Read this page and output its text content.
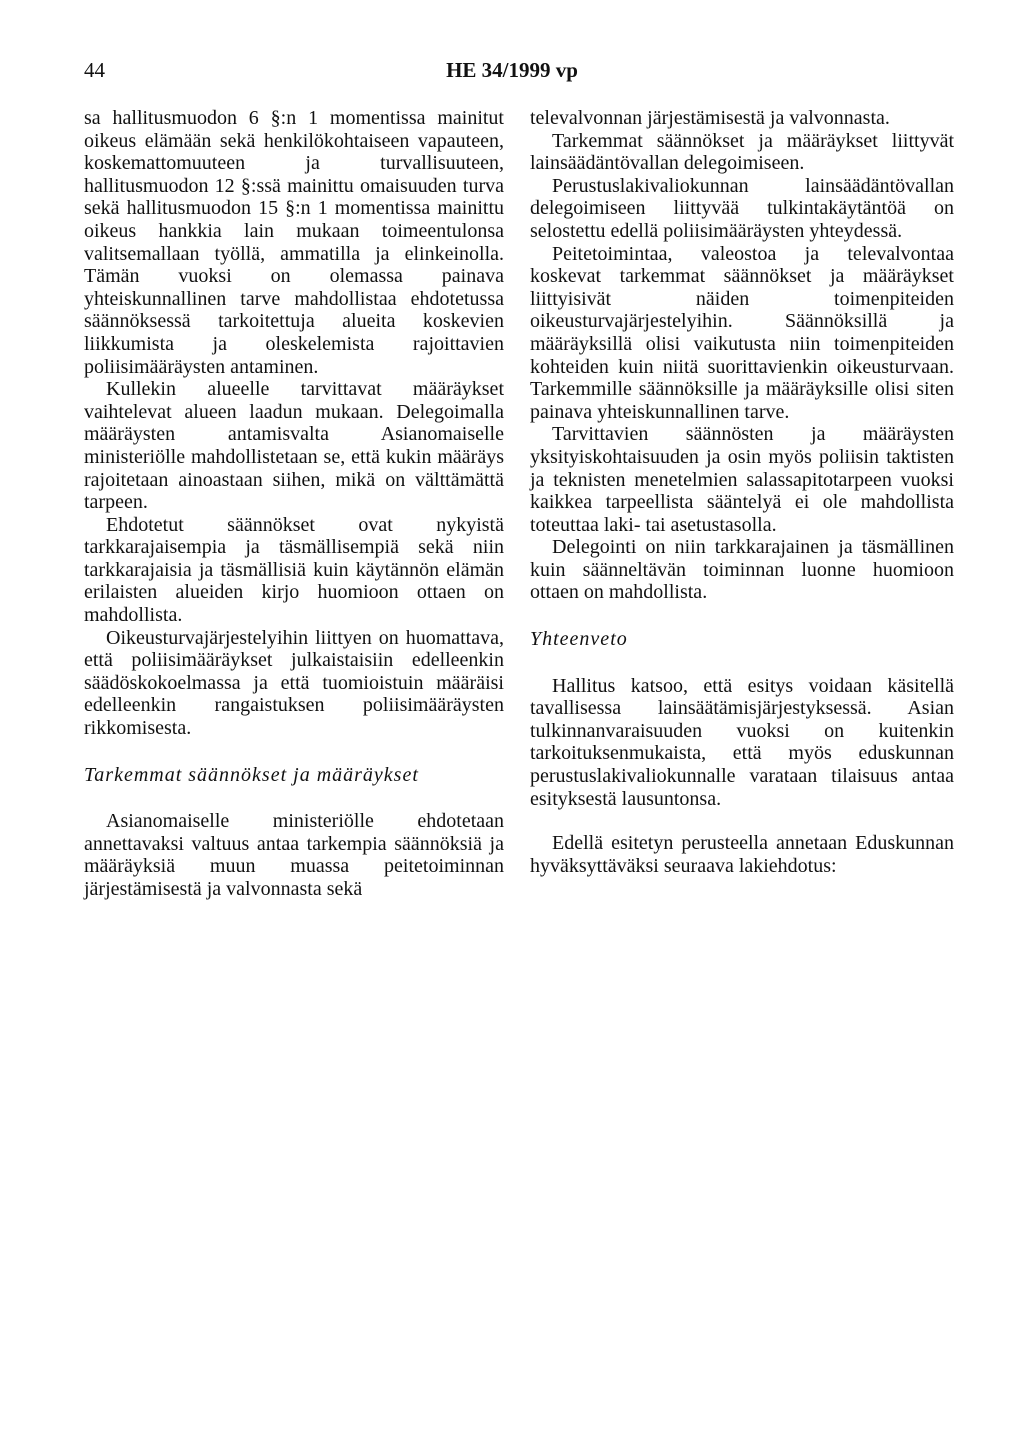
44	HE 34/1999 vp

sa hallitusmuodon 6 §:n 1 momentissa mainitut oikeus elämään sekä henkilökohtaiseen vapauteen, koskemattomuuteen ja turvallisuuteen, hallitusmuodon 12 §:ssä mainittu omaisuuden turva sekä hallitusmuodon 15 §:n 1 momentissa mainittu oikeus hankkia lain mukaan toimeentulonsa valitsemallaan työllä, ammatilla ja elinkeinolla. Tämän vuoksi on olemassa painava yhteiskunnallinen tarve mahdollistaa ehdotetussa säännöksessä tarkoitettuja alueita koskevien liikkumista ja oleskelemista rajoittavien poliisimääräysten antaminen.

Kullekin alueelle tarvittavat määräykset vaihtelevat alueen laadun mukaan. Delegoimalla määräysten antamisvalta Asianomaiselle ministeriölle mahdollistetaan se, että kukin määräys rajoitetaan ainoastaan siihen, mikä on välttämättä tarpeen.

Ehdotetut säännökset ovat nykyistä tarkkarajaisempia ja täsmällisempiä sekä niin tarkkarajaisia ja täsmällisiä kuin käytännön elämän erilaisten alueiden kirjo huomioon ottaen on mahdollista.

Oikeusturvajärjestelyihin liittyen on huomattava, että poliisimääräykset julkaistaisiin edelleenkin säädöskokoelmassa ja että tuomioistuin määräisi edelleenkin rangaistuksen poliisimääräysten rikkomisesta.

Tarkemmat säännökset ja määräykset

Asianomaiselle ministeriölle ehdotetaan annettavaksi valtuus antaa tarkempia säännöksiä ja määräyksiä muun muassa peitetoiminnan järjestämisestä ja valvonnasta sekä

televalvonnan järjestämisestä ja valvonnasta.

Tarkemmat säännökset ja määräykset liittyvät lainsäädäntövallan delegoimiseen.

Perustuslakivaliokunnan lainsäädäntövallan delegoimiseen liittyvää tulkintakäytäntöä on selostettu edellä poliisimääräysten yhteydessä.

Peitetoimintaa, valeostoa ja televalvontaa koskevat tarkemmat säännökset ja määräykset liittyisivät näiden toimenpiteiden oikeusturvajärjestelyihin. Säännöksillä ja määräyksillä olisi vaikutusta niin toimenpiteiden kohteiden kuin niitä suorittavienkin oikeusturvaan. Tarkemmille säännöksille ja määräyksille olisi siten painava yhteiskunnallinen tarve.

Tarvittavien säännösten ja määräysten yksityiskohtaisuuden ja osin myös poliisin taktisten ja teknisten menetelmien salassapitotarpeen vuoksi kaikkea tarpeellista sääntelyä ei ole mahdollista toteuttaa laki- tai asetustasolla.

Delegointi on niin tarkkarajainen ja täsmällinen kuin säänneltävän toiminnan luonne huomioon ottaen on mahdollista.

Yhteenveto

Hallitus katsoo, että esitys voidaan käsitellä tavallisessa lainsäätämisjärjestyksessä. Asian tulkinnanvaraisuuden vuoksi on kuitenkin tarkoituksenmukaista, että myös eduskunnan perustuslakivaliokunnalle varataan tilaisuus antaa esityksestä lausuntonsa.

Edellä esitetyn perusteella annetaan Eduskunnan hyväksyttäväksi seuraava lakiehdotus:
